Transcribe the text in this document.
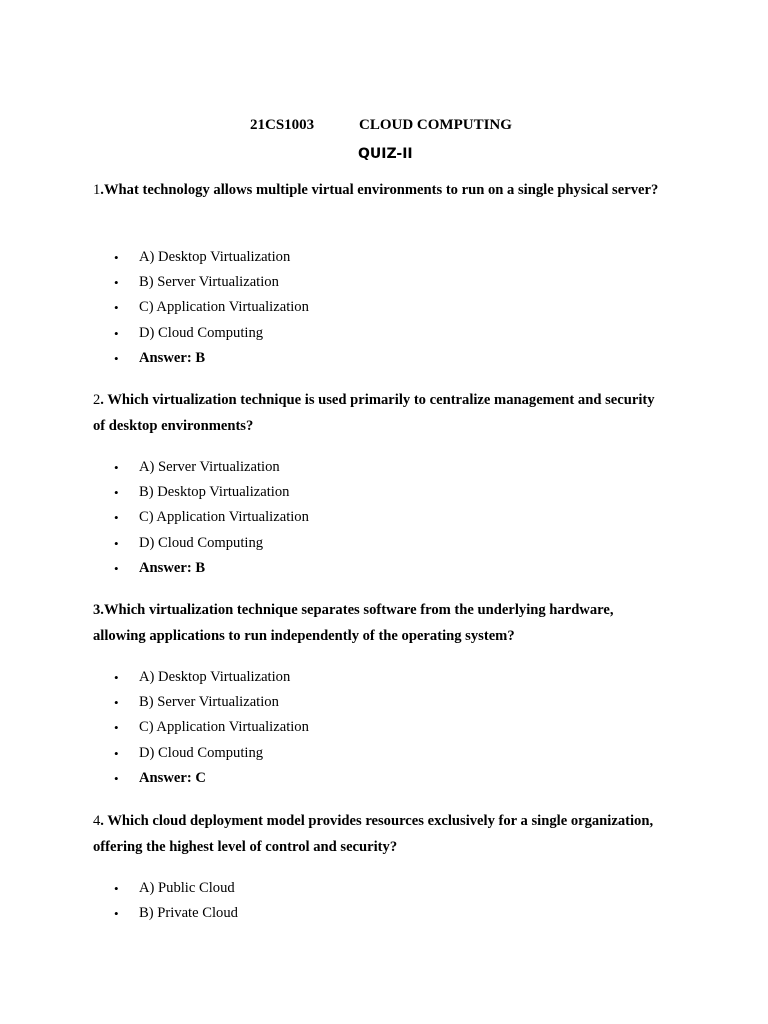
21CS1003	CLOUD COMPUTING
QUIZ-II
1.What technology allows multiple virtual environments to run on a single physical server?
• A) Desktop Virtualization
• B) Server Virtualization
• C) Application Virtualization
• D) Cloud Computing
• Answer: B
2. Which virtualization technique is used primarily to centralize management and security of desktop environments?
• A) Server Virtualization
• B) Desktop Virtualization
• C) Application Virtualization
• D) Cloud Computing
• Answer: B
3.Which virtualization technique separates software from the underlying hardware, allowing applications to run independently of the operating system?
• A) Desktop Virtualization
• B) Server Virtualization
• C) Application Virtualization
• D) Cloud Computing
• Answer: C
4. Which cloud deployment model provides resources exclusively for a single organization, offering the highest level of control and security?
• A) Public Cloud
• B) Private Cloud
